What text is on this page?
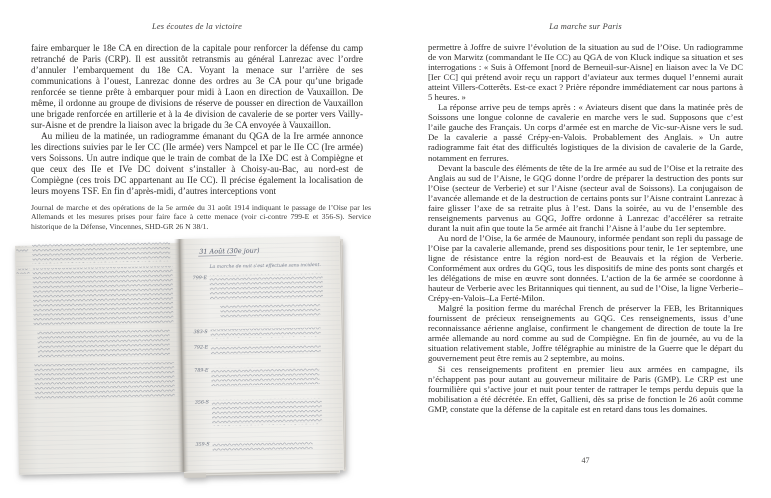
Les écoutes de la victoire	La marche sur Paris

faire embarquer le 18e CA en direction de la capitale pour renforcer la défense du camp retranché de Paris (CRP). Il est aussitôt retransmis au général Lanrezac avec l’ordre d’annuler l’embarquement du 18e CA. Voyant la menace sur l’arrière de ses communications à l’ouest, Lanrezac donne des ordres au 3e CA pour qu’une brigade renforcée se tienne prête à embarquer pour midi à Laon en direction de Vauxaillon. De même, il ordonne au groupe de divisions de réserve de pousser en direction de Vauxaillon une brigade renforcée en artillerie et à la 4e division de cavalerie de se porter vers Vailly-sur-Aisne et de prendre la liaison avec la brigade du 3e CA envoyée à Vauxaillon.

Au milieu de la matinée, un radiogramme émanant du QGA de la Ire armée annonce les directions suivies par le Ier CC (IIe armée) vers Nampcel et par le IIe CC (Ire armée) vers Soissons. Un autre indique que le train de combat de la IXe DC est à Compiègne et que ceux des IIe et IVe DC doivent s’installer à Choisy-au-Bac, au nord-est de Compiègne (ces trois DC appartenant au IIe CC). Il précise également la localisation de leurs moyens TSF. En fin d’après-midi, d’autres interceptions vont

Journal de marche et des opérations de la 5e armée du 31 août 1914 indiquant le passage de l’Oise par les Allemands et les mesures prises pour faire face à cette menace (voir ci-contre 799-E et 356-S). Service historique de la Défense, Vincennes, SHD-GR 26 N 38/1.
31 Août (30e jour)
La marche de nuit s’est effectuée sans incident.
799-E
383-S
792-E
789-E
356-S
359-S

permettre à Joffre de suivre l’évolution de la situation au sud de l’Oise. Un radiogramme de von Marwitz (commandant le IIe CC) au QGA de von Kluck indique sa situation et ses interrogations : « Suis à Offemont [nord de Berneuil-sur-Aisne] en liaison avec la Ve DC [Ier CC] qui prétend avoir reçu un rapport d’aviateur aux termes duquel l’ennemi aurait atteint Villers-Cotterêts. Est-ce exact ? Prière répondre immédiatement car nous partons à 5 heures. »

La réponse arrive peu de temps après : « Aviateurs disent que dans la matinée près de Soissons une longue colonne de cavalerie en marche vers le sud. Supposons que c’est l’aile gauche des Français. Un corps d’armée est en marche de Vic-sur-Aisne vers le sud. De la cavalerie a passé Crépy-en-Valois. Probablement des Anglais. » Un autre radiogramme fait état des difficultés logistiques de la division de cavalerie de la Garde, notamment en ferrures.

Devant la bascule des éléments de tête de la Ire armée au sud de l’Oise et la retraite des Anglais au sud de l’Aisne, le GQG donne l’ordre de préparer la destruction des ponts sur l’Oise (secteur de Verberie) et sur l’Aisne (secteur aval de Soissons). La conjugaison de l’avancée allemande et de la destruction de certains ponts sur l’Aisne contraint Lanrezac à faire glisser l’axe de sa retraite plus à l’est. Dans la soirée, au vu de l’ensemble des renseignements parvenus au GQG, Joffre ordonne à Lanrezac d’accélérer sa retraite durant la nuit afin que toute la 5e armée ait franchi l’Aisne à l’aube du 1er septembre.

Au nord de l’Oise, la 6e armée de Maunoury, informée pendant son repli du passage de l’Oise par la cavalerie allemande, prend ses dispositions pour tenir, le 1er septembre, une ligne de résistance entre la région nord-est de Beauvais et la région de Verberie. Conformément aux ordres du GQG, tous les dispositifs de mine des ponts sont chargés et les délégations de mise en œuvre sont données. L’action de la 6e armée se coordonne à hauteur de Verberie avec les Britanniques qui tiennent, au sud de l’Oise, la ligne Verberie–Crépy-en-Valois–La Ferté-Milon.

Malgré la position ferme du maréchal French de préserver la FEB, les Britanniques fournissent de précieux renseignements au GQG. Ces renseignements, issus d’une reconnaissance aérienne anglaise, confirment le changement de direction de toute la Ire armée allemande au nord comme au sud de Compiègne. En fin de journée, au vu de la situation relativement stable, Joffre télégraphie au ministre de la Guerre que le départ du gouvernement peut être remis au 2 septembre, au moins.

Si ces renseignements profitent en premier lieu aux armées en campagne, ils n’échappent pas pour autant au gouverneur militaire de Paris (GMP). Le CRP est une fourmilière qui s’active jour et nuit pour tenter de rattraper le temps perdu depuis que la mobilisation a été décrétée. En effet, Gallieni, dès sa prise de fonction le 26 août comme GMP, constate que la défense de la capitale est en retard dans tous les domaines.

47
